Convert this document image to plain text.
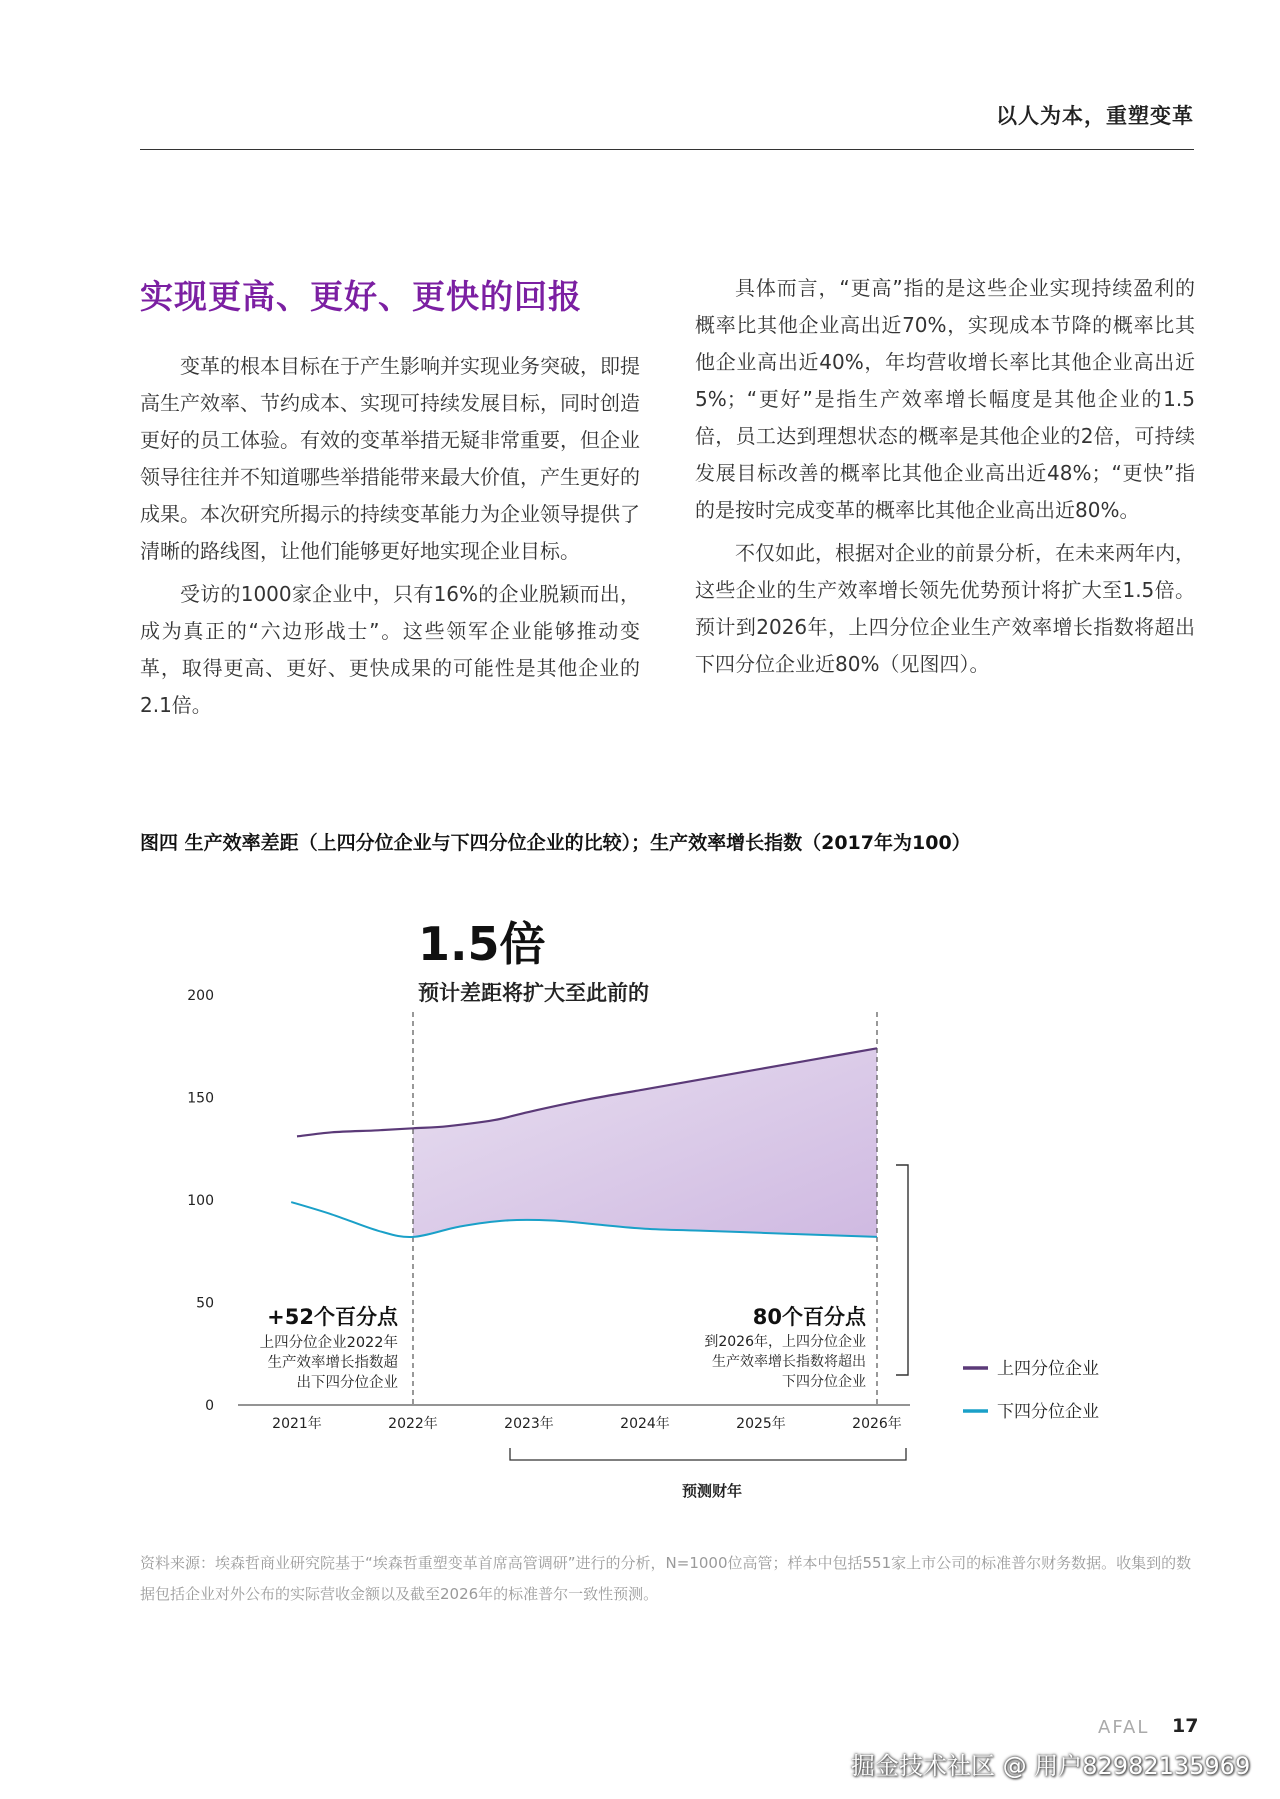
以人为本，重塑变革
实现更高、更好、更快的回报

变革的根本目标在于产生影响并实现业务突破，即提高生产效率、节约成本、实现可持续发展目标，同时创造更好的员工体验。有效的变革举措无疑非常重要，但企业领导往往并不知道哪些举措能带来最大价值，产生更好的成果。本次研究所揭示的持续变革能力为企业领导提供了清晰的路线图，让他们能够更好地实现企业目标。

受访的1000家企业中，只有16%的企业脱颖而出，成为真正的“六边形战士”。这些领军企业能够推动变革，取得更高、更好、更快成果的可能性是其他企业的2.1倍。

具体而言，“更高”指的是这些企业实现持续盈利的概率比其他企业高出近70%，实现成本节降的概率比其他企业高出近40%，年均营收增长率比其他企业高出近5%；“更好”是指生产效率增长幅度是其他企业的1.5倍，员工达到理想状态的概率是其他企业的2倍，可持续发展目标改善的概率比其他企业高出近48%；“更快”指的是按时完成变革的概率比其他企业高出近80%。

不仅如此，根据对企业的前景分析，在未来两年内，这些企业的生产效率增长领先优势预计将扩大至1.5倍。预计到2026年，上四分位企业生产效率增长指数将超出下四分位企业近80%（见图四）。

图四 生产效率差距（上四分位企业与下四分位企业的比较）；生产效率增长指数（2017年为100）
0
50
100
150
200
2021年	2022年	2023年	2024年	2025年	2026年
1.5倍
预计差距将扩大至此前的
+52个百分点
上四分位企业2022年
生产效率增长指数超
出下四分位企业
80个百分点
到2026年，上四分位企业
生产效率增长指数将超出
下四分位企业
上四分位企业
下四分位企业
预测财年
资料来源：埃森哲商业研究院基于“埃森哲重塑变革首席高管调研”进行的分析，N=1000位高管；样本中包括551家上市公司的标准普尔财务数据。收集到的数据包括企业对外公布的实际营收金额以及截至2026年的标准普尔一致性预测。
AFAL 17
掘金技术社区 @ 用户8298213​5969
